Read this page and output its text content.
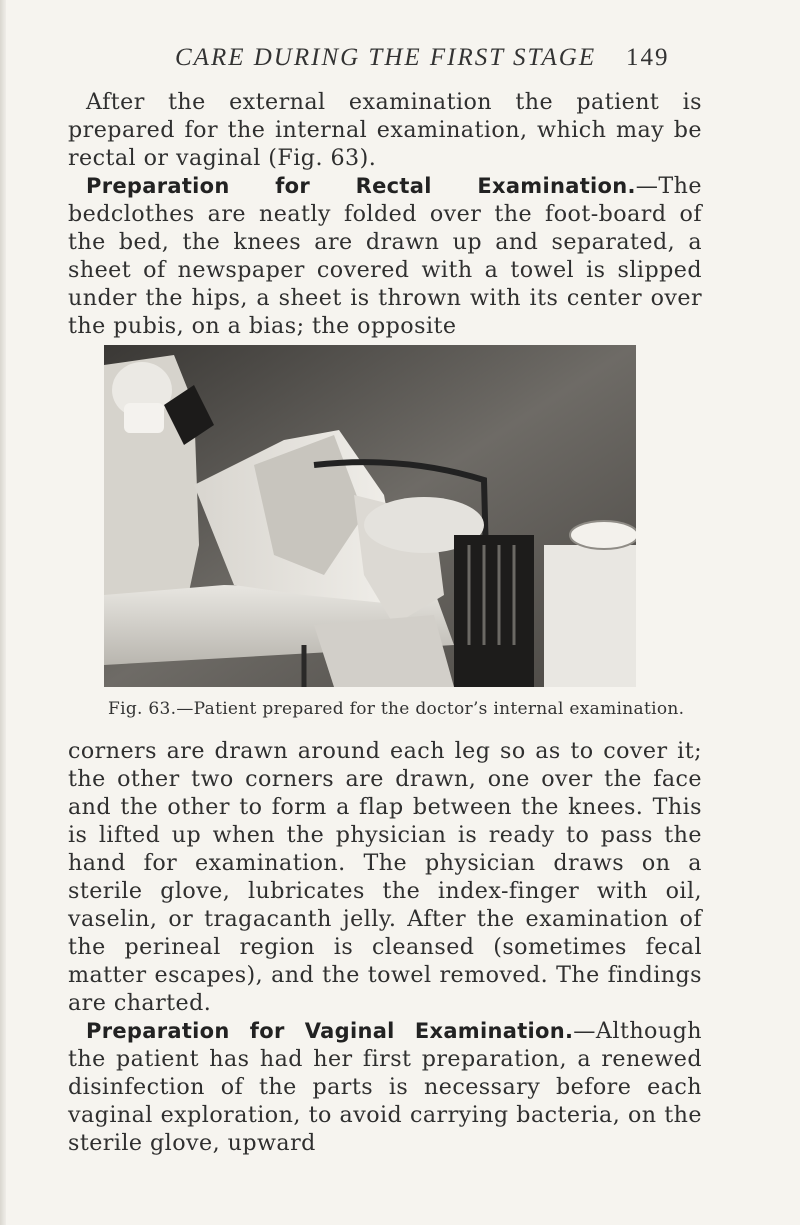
CARE DURING THE FIRST STAGE 149

After the external examination the patient is prepared for the internal examination, which may be rectal or vaginal (Fig. 63).

Preparation for Rectal Examination.—The bedclothes are neatly folded over the foot-board of the bed, the knees are drawn up and separated, a sheet of newspaper covered with a towel is slipped under the hips, a sheet is thrown with its center over the pubis, on a bias; the opposite

Fig. 63.—Patient prepared for the doctor’s internal examination.

corners are drawn around each leg so as to cover it; the other two corners are drawn, one over the face and the other to form a flap between the knees. This is lifted up when the physician is ready to pass the hand for examination. The physician draws on a sterile glove, lubricates the index-finger with oil, vaselin, or tragacanth jelly. After the examination of the perineal region is cleansed (sometimes fecal matter escapes), and the towel removed. The findings are charted.

Preparation for Vaginal Examination.—Although the patient has had her first preparation, a renewed disinfection of the parts is necessary before each vaginal exploration, to avoid carrying bacteria, on the sterile glove, upward
